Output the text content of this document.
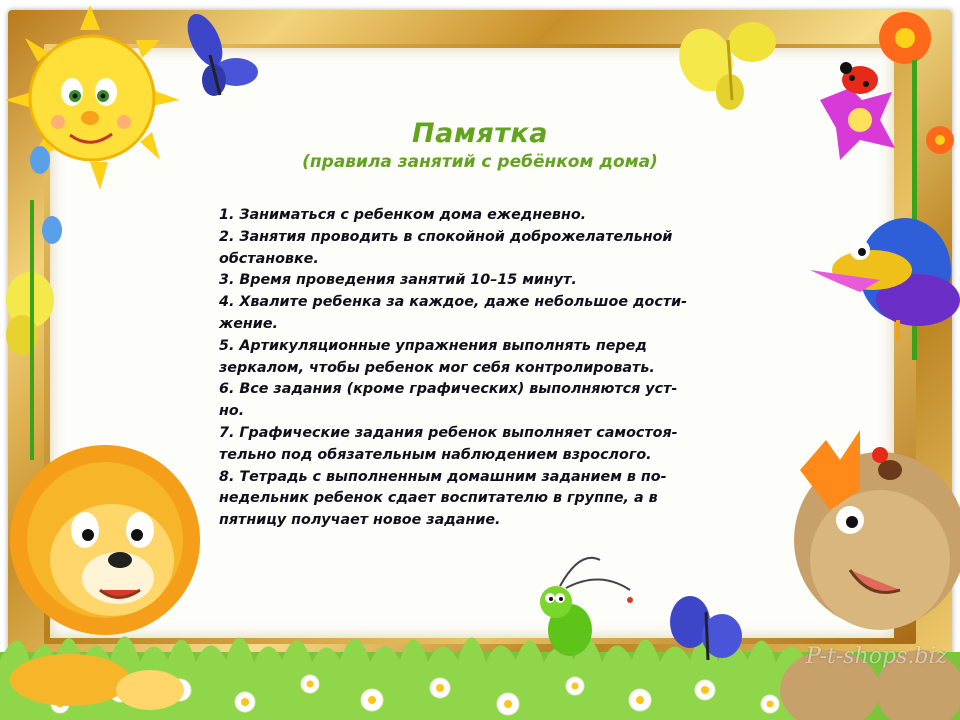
Памятка
(правила занятий с ребёнком дома)
1. Заниматься с ребенком дома ежедневно.
2. Занятия проводить в спокойной доброжелательной
обстановке.
3. Время проведения занятий 10–15 минут.
4. Хвалите ребенка за каждое, даже небольшое дости-
жение.
5. Артикуляционные упражнения выполнять перед
зеркалом, чтобы ребенок мог себя контролировать.
6. Все задания (кроме графических) выполняются уст-
но.
7. Графические задания ребенок выполняет самостоя-
тельно под обязательным наблюдением взрослого.
8. Тетрадь с выполненным домашним заданием в по-
недельник ребенок сдает воспитателю в группе, а в
пятницу получает новое задание.
P-t-shops.biz
